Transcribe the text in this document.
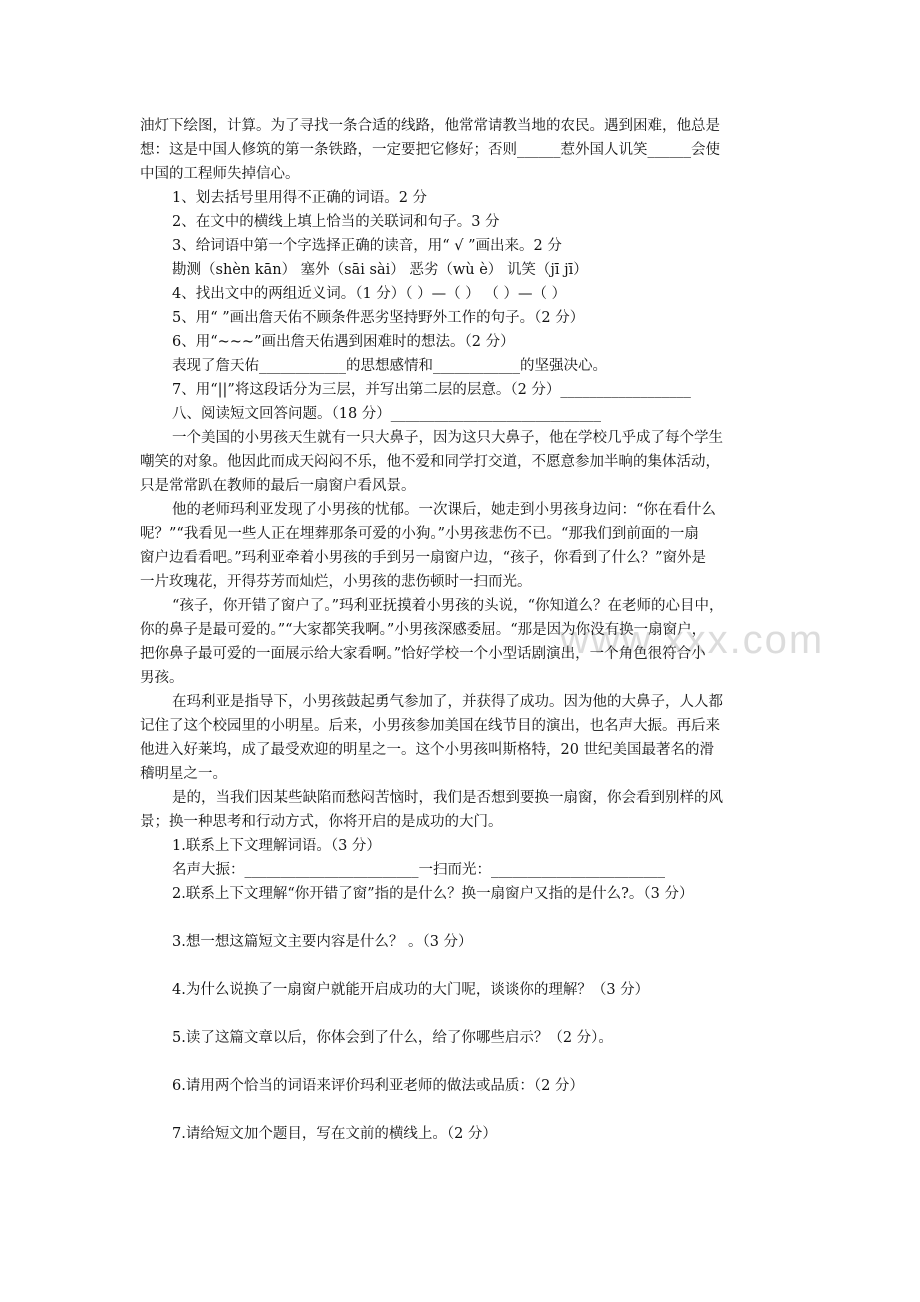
www.xxx.com
油灯下绘图，计算。为了寻找一条合适的线路，他常常请教当地的农民。遇到困难，他总是
想：这是中国人修筑的第一条铁路，一定要把它修好；否则______惹外国人讥笑______会使
中国的工程师失掉信心。
1、划去括号里用得不正确的词语。2 分
2、在文中的横线上填上恰当的关联词和句子。3 分
3、给词语中第一个字选择正确的读音，用“ √ ”画出来。2 分
勘测（shèn kān） 塞外（sāi sài） 恶劣（wù è） 讥笑（jī jī）
4、找出文中的两组近义词。（1 分）（ ）—（ ） （ ）—（ ）
5、用“ ”画出詹天佑不顾条件恶劣坚持野外工作的句子。（2 分）
6、用“~~~”画出詹天佑遇到困难时的想法。（2 分）
表现了詹天佑____________的思想感情和____________的坚强决心。
7、用“||”将这段话分为三层，并写出第二层的层意。（2 分）__________________
八、阅读短文回答问题。（18 分）_____________________________
一个美国的小男孩天生就有一只大鼻子，因为这只大鼻子，他在学校几乎成了每个学生
嘲笑的对象。他因此而成天闷闷不乐，他不爱和同学打交道，不愿意参加半晌的集体活动，
只是常常趴在教师的最后一扇窗户看风景。
他的老师玛利亚发现了小男孩的忧郁。一次课后，她走到小男孩身边问：“你在看什么
呢？”“我看见一些人正在埋葬那条可爱的小狗。”小男孩悲伤不已。“那我们到前面的一扇
窗户边看看吧。”玛利亚牵着小男孩的手到另一扇窗户边，“孩子，你看到了什么？”窗外是
一片玫瑰花，开得芬芳而灿烂，小男孩的悲伤顿时一扫而光。
“孩子，你开错了窗户了。”玛利亚抚摸着小男孩的头说，“你知道么？在老师的心目中，
你的鼻子是最可爱的。”“大家都笑我啊。”小男孩深感委屈。“那是因为你没有换一扇窗户，
把你鼻子最可爱的一面展示给大家看啊。”恰好学校一个小型话剧演出，一个角色很符合小
男孩。
在玛利亚是指导下，小男孩鼓起勇气参加了，并获得了成功。因为他的大鼻子，人人都
记住了这个校园里的小明星。后来，小男孩参加美国在线节目的演出，也名声大振。再后来
他进入好莱坞，成了最受欢迎的明星之一。这个小男孩叫斯格特，20 世纪美国最著名的滑
稽明星之一。
是的，当我们因某些缺陷而愁闷苦恼时，我们是否想到要换一扇窗，你会看到别样的风
景；换一种思考和行动方式，你将开启的是成功的大门。
1.联系上下文理解词语。（3 分）
名声大振：________________________一扫而光：________________________
2.联系上下文理解“你开错了窗”指的是什么？换一扇窗户又指的是什么?。（3 分）
3.想一想这篇短文主要内容是什么？ 。（3 分）
4.为什么说换了一扇窗户就能开启成功的大门呢，谈谈你的理解？（3 分）
5.读了这篇文章以后，你体会到了什么，给了你哪些启示？（2 分）。
6.请用两个恰当的词语来评价玛利亚老师的做法或品质：（2 分）
7.请给短文加个题目，写在文前的横线上。（2 分）
